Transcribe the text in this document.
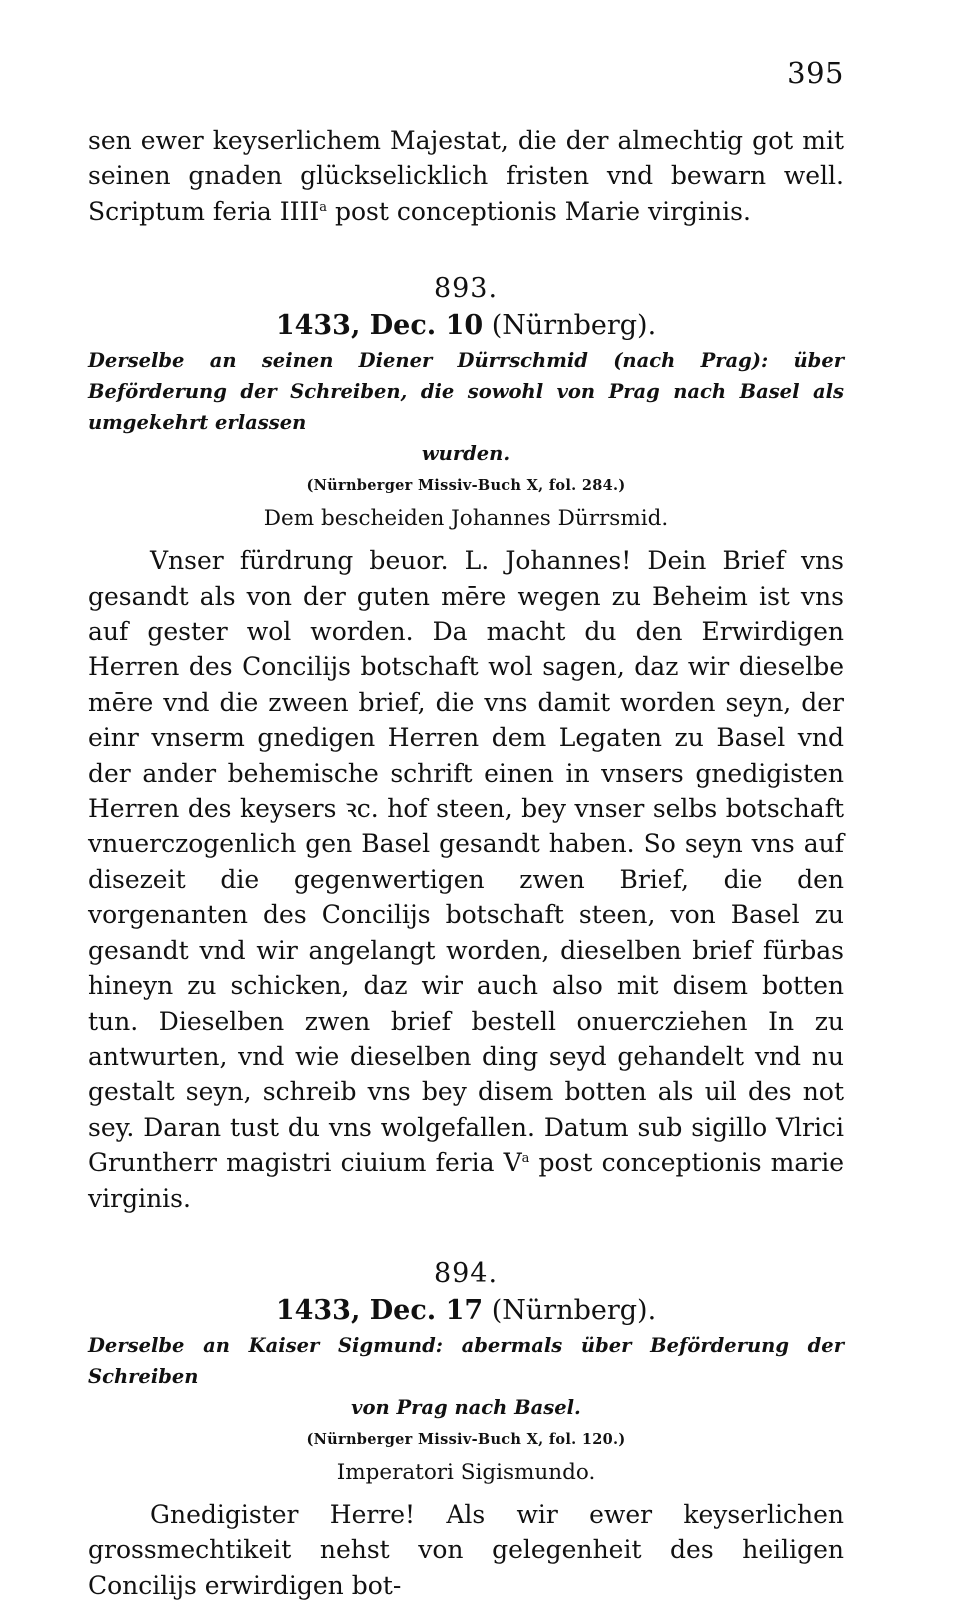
395

sen ewer keyserlichem Majestat, die der almechtig got mit seinen gnaden glückselicklich fristen vnd bewarn well. Scriptum feria IIII$^a$ post conceptionis Marie virginis.

893.

1433, Dec. 10 (Nürnberg).

Derselbe an seinen Diener Dürrschmid (nach Prag): über Beförderung der Schreiben, die sowohl von Prag nach Basel als umgekehrt erlassen
wurden.

(Nürnberger Missiv-Buch X, fol. 284.)

Dem bescheiden Johannes Dürrsmid.

Vnser fürdrung beuor. L. Johannes! Dein Brief vns gesandt als von der guten mēre wegen zu Beheim ist vns auf gester wol worden. Da macht du den Erwirdigen Herren des Concilijs botschaft wol sagen, daz wir dieselbe mēre vnd die zween brief, die vns damit worden seyn, der einr vnserm gnedigen Herren dem Legaten zu Basel vnd der ander behemische schrift einen in vnsers gnedigisten Herren des keysers ꝛc. hof steen, bey vnser selbs botschaft vnuerczogenlich gen Basel gesandt haben. So seyn vns auf disezeit die gegenwertigen zwen Brief, die den vorgenanten des Concilijs botschaft steen, von Basel zu gesandt vnd wir angelangt worden, dieselben brief fürbas hineyn zu schicken, daz wir auch also mit disem botten tun. Dieselben zwen brief bestell onuercziehen In zu antwurten, vnd wie dieselben ding seyd gehandelt vnd nu gestalt seyn, schreib vns bey disem botten als uil des not sey. Daran tust du vns wolgefallen. Datum sub sigillo Vlrici Gruntherr magistri ciuium feria $V^a$ post conceptionis marie virginis.

894.

1433, Dec. 17 (Nürnberg).

Derselbe an Kaiser Sigmund: abermals über Beförderung der Schreiben
von Prag nach Basel.

(Nürnberger Missiv-Buch X, fol. 120.)

Imperatori Sigismundo.

Gnedigister Herre! Als wir ewer keyserlichen grossmechtikeit nehst von gelegenheit des heiligen Concilijs erwirdigen bot-
